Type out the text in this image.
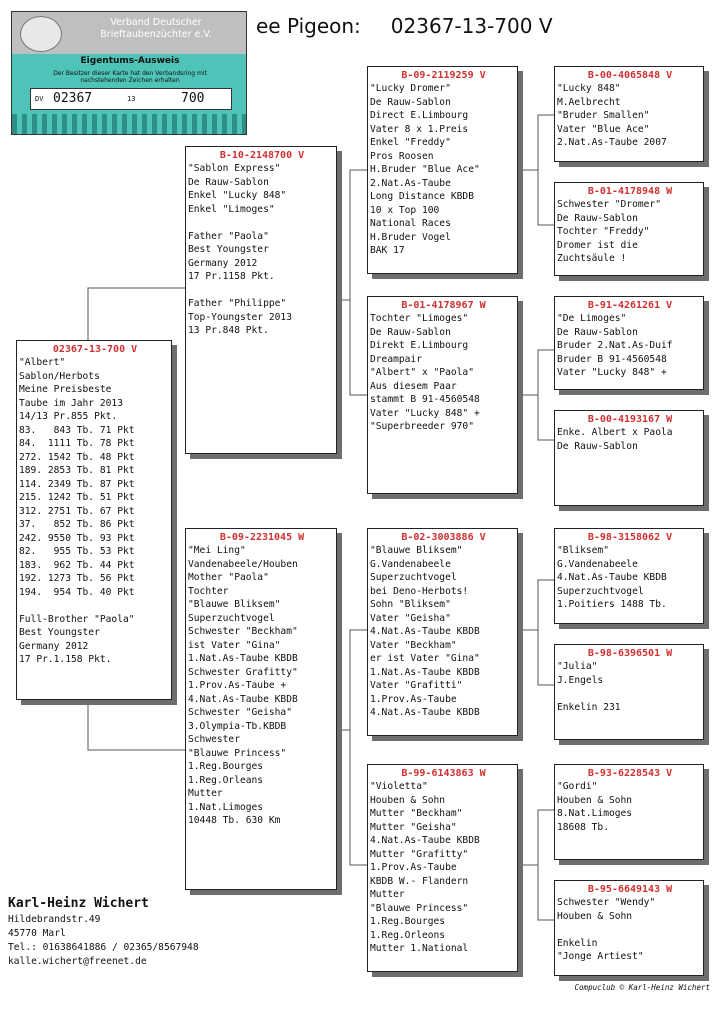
ee Pigeon: 02367-13-700 V
Verband Deutscher
Brieftaubenzüchter e.V.
Eigentums-Ausweis
Der Besitzer dieser Karte hat den Verbandsring mit nachstehenden Zeichen erhalten
DV 02367	13	700
02367-13-700 V
"Albert"
Sablon/Herbots
Meine Preisbeste
Taube im Jahr 2013
14/13 Pr.855 Pkt.
83.   843 Tb. 71 Pkt
84.  1111 Tb. 78 Pkt
272. 1542 Tb. 48 Pkt
189. 2853 Tb. 81 Pkt
114. 2349 Tb. 87 Pkt
215. 1242 Tb. 51 Pkt
312. 2751 Tb. 67 Pkt
37.   852 Tb. 86 Pkt
242. 9550 Tb. 93 Pkt
82.   955 Tb. 53 Pkt
183.  962 Tb. 44 Pkt
192. 1273 Tb. 56 Pkt
194.  954 Tb. 40 Pkt

Full-Brother "Paola"
Best Youngster
Germany 2012
17 Pr.1.158 Pkt.
B-10-2148700 V
"Sablon Express"
De Rauw-Sablon
Enkel "Lucky 848"
Enkel "Limoges"

Father "Paola"
Best Youngster
Germany 2012
17 Pr.1158 Pkt.

Father "Philippe"
Top-Youngster 2013
13 Pr.848 Pkt.
B-09-2231045 W
"Mei Ling"
Vandenabeele/Houben
Mother "Paola"
Tochter
"Blauwe Bliksem"
Superzuchtvogel
Schwester "Beckham"
ist Vater "Gina"
1.Nat.As-Taube KBDB
Schwester Grafitty"
1.Prov.As-Taube +
4.Nat.As-Taube KBDB
Schwester "Geisha"
3.Olympia-Tb.KBDB
Schwester
"Blauwe Princess"
1.Reg.Bourges
1.Reg.Orleans
Mutter
1.Nat.Limoges
10448 Tb. 630 Km
B-09-2119259 V
"Lucky Dromer"
De Rauw-Sablon
Direct E.Limbourg
Vater 8 x 1.Preis
Enkel "Freddy"
Pros Roosen
H.Bruder "Blue Ace"
2.Nat.As-Taube
Long Distance KBDB
10 x Top 100
National Races
H.Bruder Vogel
BAK 17
B-01-4178967 W
Tochter "Limoges"
De Rauw-Sablon
Direkt E.Limbourg
Dreampair
"Albert" x "Paola"
Aus diesem Paar
stammt B 91-4560548
Vater "Lucky 848" +
"Superbreeder 970"
B-02-3003886 V
"Blauwe Bliksem"
G.Vandenabeele
Superzuchtvogel
bei Deno-Herbots!
Sohn "Bliksem"
Vater "Geisha"
4.Nat.As-Taube KBDB
Vater "Beckham"
er ist Vater "Gina"
1.Nat.As-Taube KBDB
Vater "Grafitti"
1.Prov.As-Taube
4.Nat.As-Taube KBDB
B-99-6143863 W
"Violetta"
Houben & Sohn
Mutter "Beckham"
Mutter "Geisha"
4.Nat.As-Taube KBDB
Mutter "Grafitty"
1.Prov.As-Taube
KBDB W.- Flandern
Mutter
"Blauwe Princess"
1.Reg.Bourges
1.Reg.Orleons
Mutter 1.National
B-00-4065848 V
"Lucky 848"
M.Aelbrecht
"Bruder Smallen"
Vater "Blue Ace"
2.Nat.As-Taube 2007
B-01-4178948 W
Schwester "Dromer"
De Rauw-Sablon
Tochter "Freddy"
Dromer ist die
Zuchtsäule !
B-91-4261261 V
"De Limoges"
De Rauw-Sablon
Bruder 2.Nat.As-Duif
Bruder B 91-4560548
Vater "Lucky 848" +
B-00-4193167 W
Enke. Albert x Paola
De Rauw-Sablon
B-98-3158062 V
"Bliksem"
G.Vandenabeele
4.Nat.As-Taube KBDB
Superzuchtvogel
1.Poitiers 1488 Tb.
B-98-6396501 W
"Julia"
J.Engels

Enkelin 231
B-93-6228543 V
"Gordi"
Houben & Sohn
8.Nat.Limoges
18608 Tb.
B-95-6649143 W
Schwester "Wendy"
Houben & Sohn

Enkelin
"Jonge Artiest"
Karl-Heinz Wichert
Hildebrandstr.49
45770 Marl
Tel.: 01638641886 / 02365/8567948
kalle.wichert@freenet.de
Compuclub © Karl-Heinz Wichert
